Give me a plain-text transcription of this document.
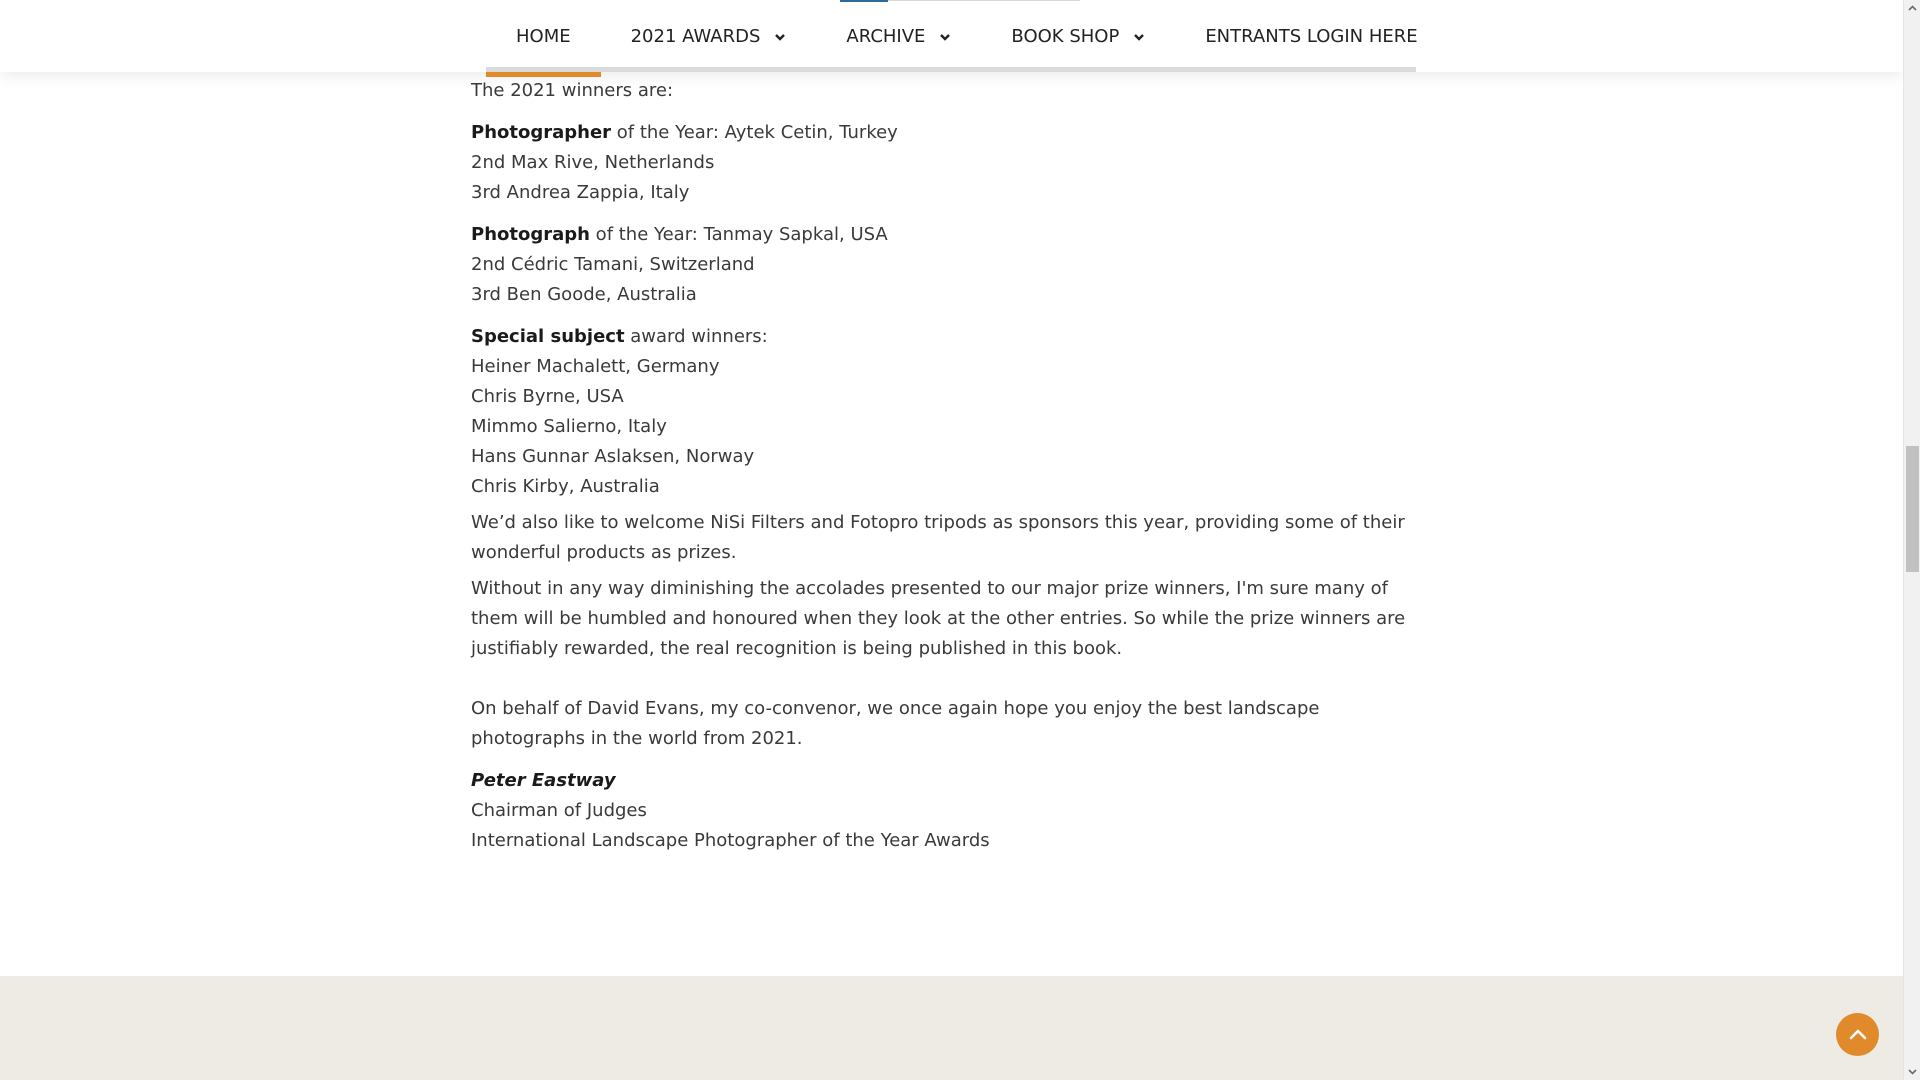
HOME	2021 AWARDS	ARCHIVE	BOOK SHOP	ENTRANTS LOGIN HERE

The 2021 winners are:

Photographer of the Year: Aytek Cetin, Turkey

2nd Max Rive, Netherlands

3rd Andrea Zappia, Italy

Photograph of the Year: Tanmay Sapkal, USA

2nd Cédric Tamani, Switzerland

3rd Ben Goode, Australia

Special subject award winners:

Heiner Machalett, Germany

Chris Byrne, USA

Mimmo Salierno, Italy

Hans Gunnar Aslaksen, Norway

Chris Kirby, Australia

We’d also like to welcome NiSi Filters and Fotopro tripods as sponsors this year, providing some of their wonderful products as prizes.

Without in any way diminishing the accolades presented to our major prize winners, I'm sure many of them will be humbled and honoured when they look at the other entries. So while the prize winners are justifiably rewarded, the real recognition is being published in this book.

On behalf of David Evans, my co-convenor, we once again hope you enjoy the best landscape photographs in the world from 2021.

Peter Eastway

Chairman of Judges

International Landscape Photographer of the Year Awards
